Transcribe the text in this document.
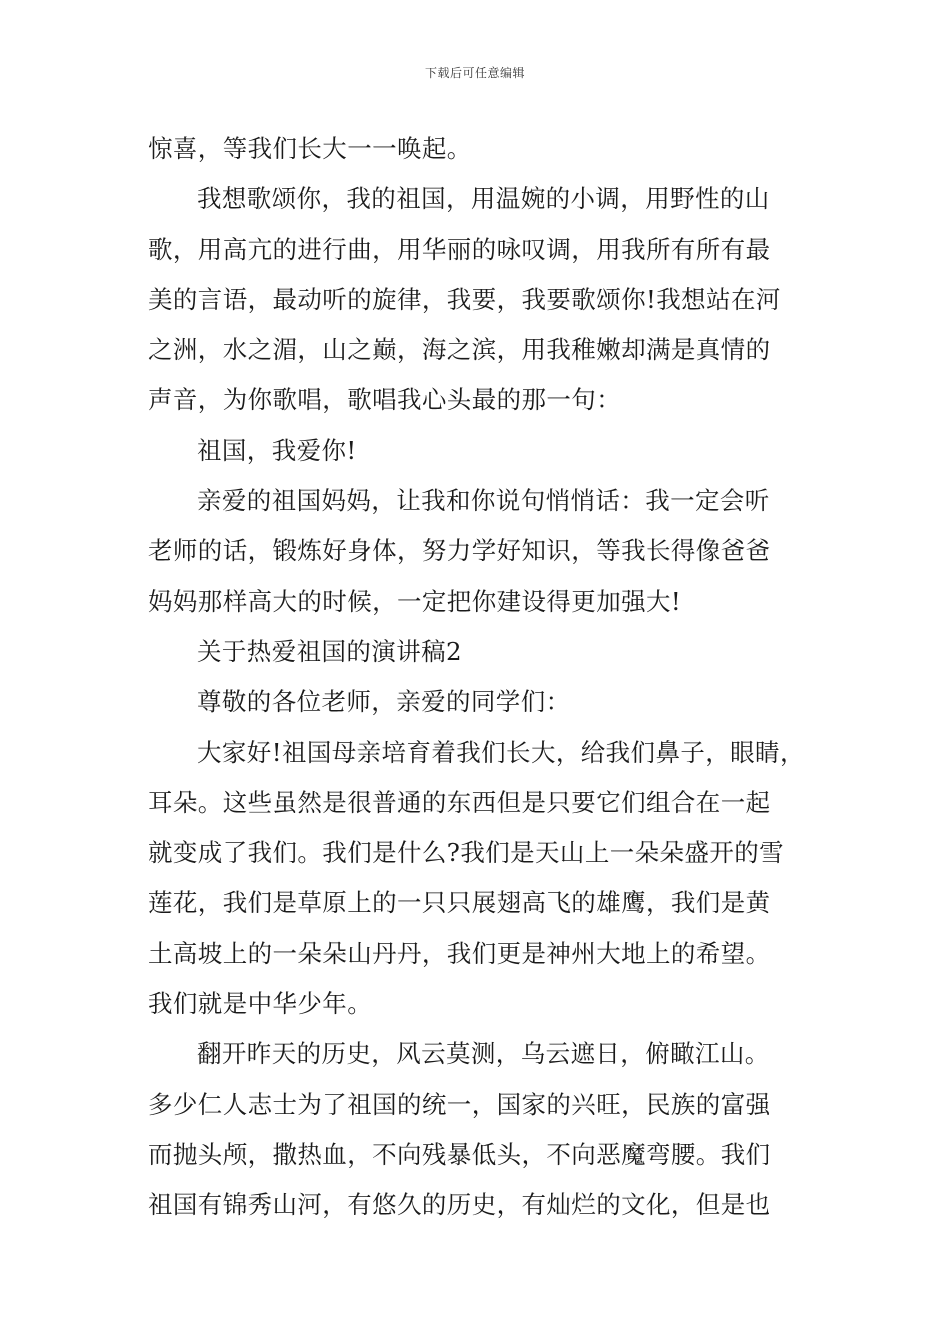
下载后可任意编辑
惊喜，等我们长大一一唤起。
我想歌颂你，我的祖国，用温婉的小调，用野性的山
歌，用高亢的进行曲，用华丽的咏叹调，用我所有所有最
美的言语，最动听的旋律，我要，我要歌颂你!我想站在河
之洲，水之湄，山之巅，海之滨，用我稚嫩却满是真情的
声音，为你歌唱，歌唱我心头最的那一句：
祖国，我爱你!
亲爱的祖国妈妈，让我和你说句悄悄话：我一定会听
老师的话，锻炼好身体，努力学好知识，等我长得像爸爸
妈妈那样高大的时候，一定把你建设得更加强大!
关于热爱祖国的演讲稿2
尊敬的各位老师，亲爱的同学们：
大家好!祖国母亲培育着我们长大，给我们鼻子，眼睛，
耳朵。这些虽然是很普通的东西但是只要它们组合在一起
就变成了我们。我们是什么?我们是天山上一朵朵盛开的雪
莲花，我们是草原上的一只只展翅高飞的雄鹰，我们是黄
土高坡上的一朵朵山丹丹，我们更是神州大地上的希望。
我们就是中华少年。
翻开昨天的历史，风云莫测，乌云遮日，俯瞰江山。
多少仁人志士为了祖国的统一，国家的兴旺，民族的富强
而抛头颅，撒热血，不向残暴低头，不向恶魔弯腰。我们
祖国有锦秀山河，有悠久的历史，有灿烂的文化，但是也
